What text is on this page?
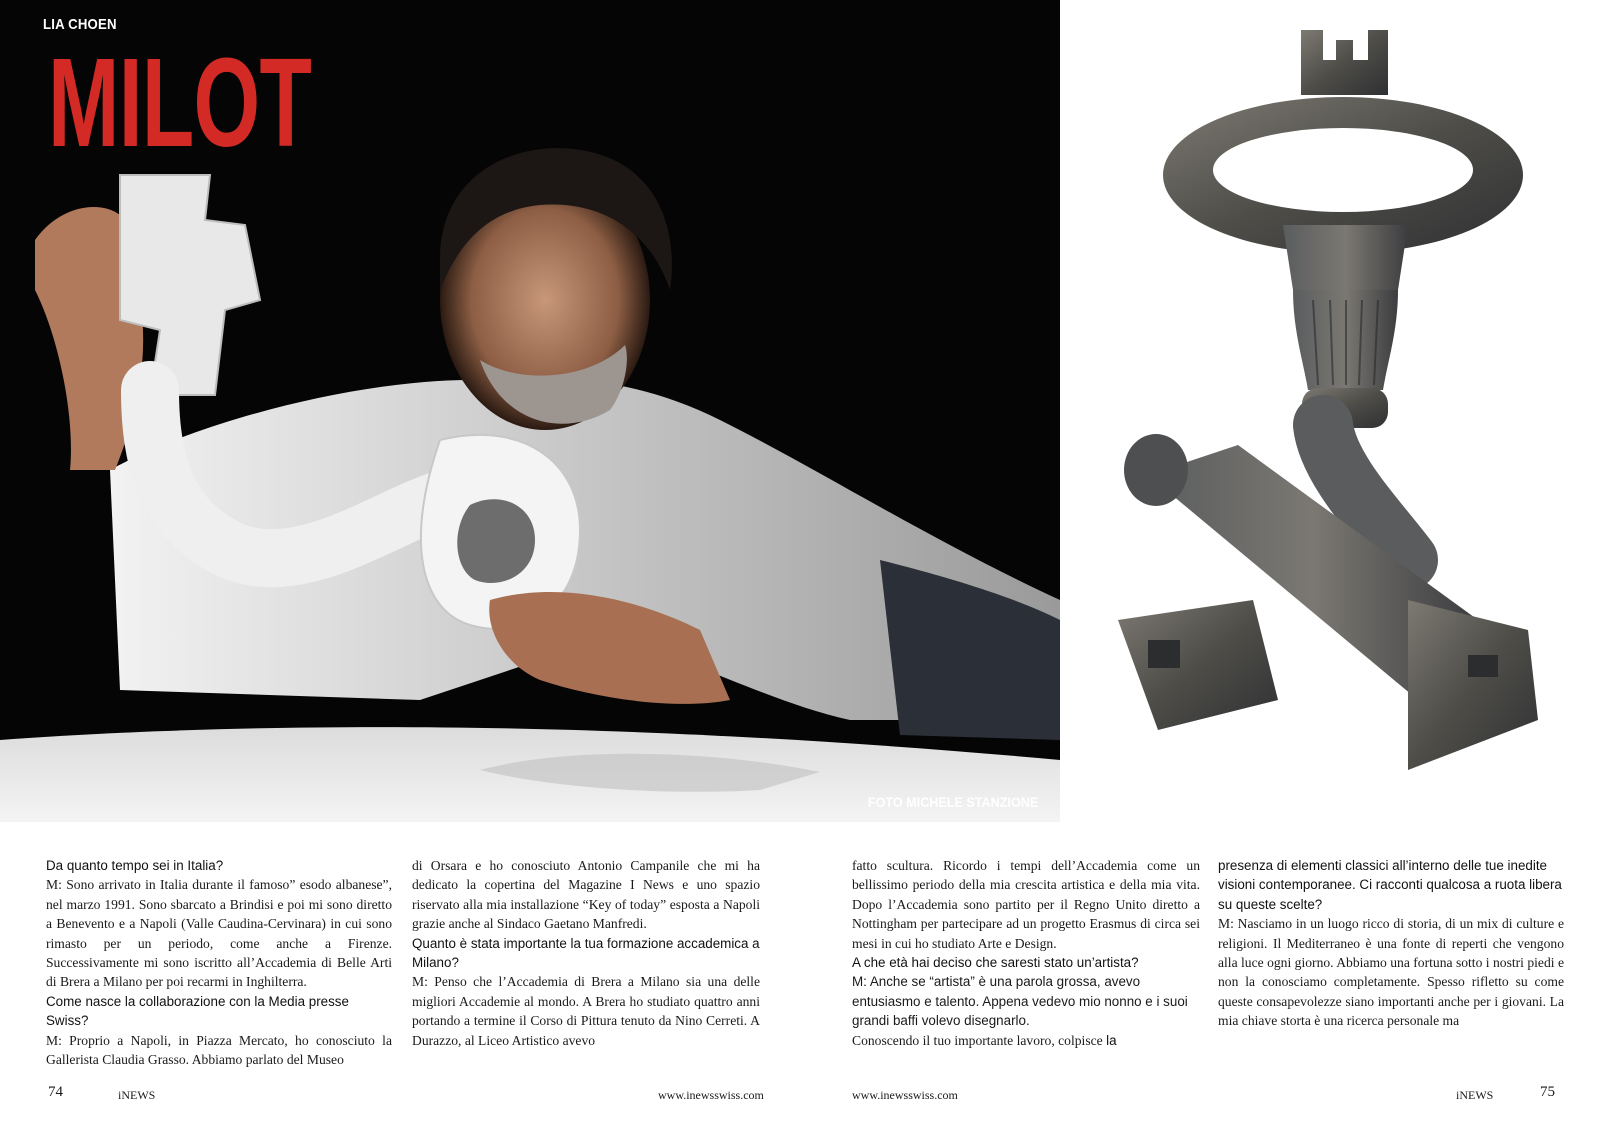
LIA CHOEN
MILOT
FOTO MICHELE STANZIONE

Da quanto tempo sei in Italia?

M: Sono arrivato in Italia durante il famoso” esodo albanese”, nel marzo 1991. Sono sbarcato a Brindisi e poi mi sono diretto a Benevento e a Napoli (Valle Caudina-Cervinara) in cui sono rimasto per un periodo, come anche a Firenze. Successivamente mi sono iscritto all’Accademia di Belle Arti di Brera a Milano per poi recarmi in Inghilterra.

Come nasce la collaborazione con la Media presse Swiss?

M: Proprio a Napoli, in Piazza Mercato, ho conosciuto la Gallerista Claudia Grasso. Abbiamo parlato del Museo

di Orsara e ho conosciuto Antonio Campanile che mi ha dedicato la copertina del Magazine I News e uno spazio riservato alla mia installazione “Key of today” esposta a Napoli grazie anche al Sindaco Gaetano Manfredi.

Quanto è stata importante la tua formazione accademica a Milano?

M: Penso che l’Accademia di Brera a Milano sia una delle migliori Accademie al mondo. A Brera ho studiato quattro anni portando a termine il Corso di Pittura tenuto da Nino Cerreti. A Durazzo, al Liceo Artistico avevo

fatto scultura. Ricordo i tempi dell’Accademia come un bellissimo periodo della mia crescita artistica e della mia vita. Dopo l’Accademia sono partito per il Regno Unito diretto a Nottingham per partecipare ad un progetto Erasmus di circa sei mesi in cui ho studiato Arte e Design.

A che età hai deciso che saresti stato un’artista?

M: Anche se “artista” è una parola grossa, avevo entusiasmo e talento. Appena vedevo mio nonno e i suoi grandi baffi volevo disegnarlo.

Conoscendo il tuo importante lavoro, colpisce la

presenza di elementi classici all’interno delle tue inedite visioni contemporanee. Ci racconti qualcosa a ruota libera su queste scelte?

M: Nasciamo in un luogo ricco di storia, di un mix di culture e religioni. Il Mediterraneo è una fonte di reperti che vengono alla luce ogni giorno. Abbiamo una fortuna sotto i nostri piedi e non la conosciamo completamente. Spesso rifletto su come queste consapevolezze siano importanti anche per i giovani. La mia chiave storta è una ricerca personale ma

74	iNEWS	www.inewsswiss.com	www.inewsswiss.com	iNEWS	75
